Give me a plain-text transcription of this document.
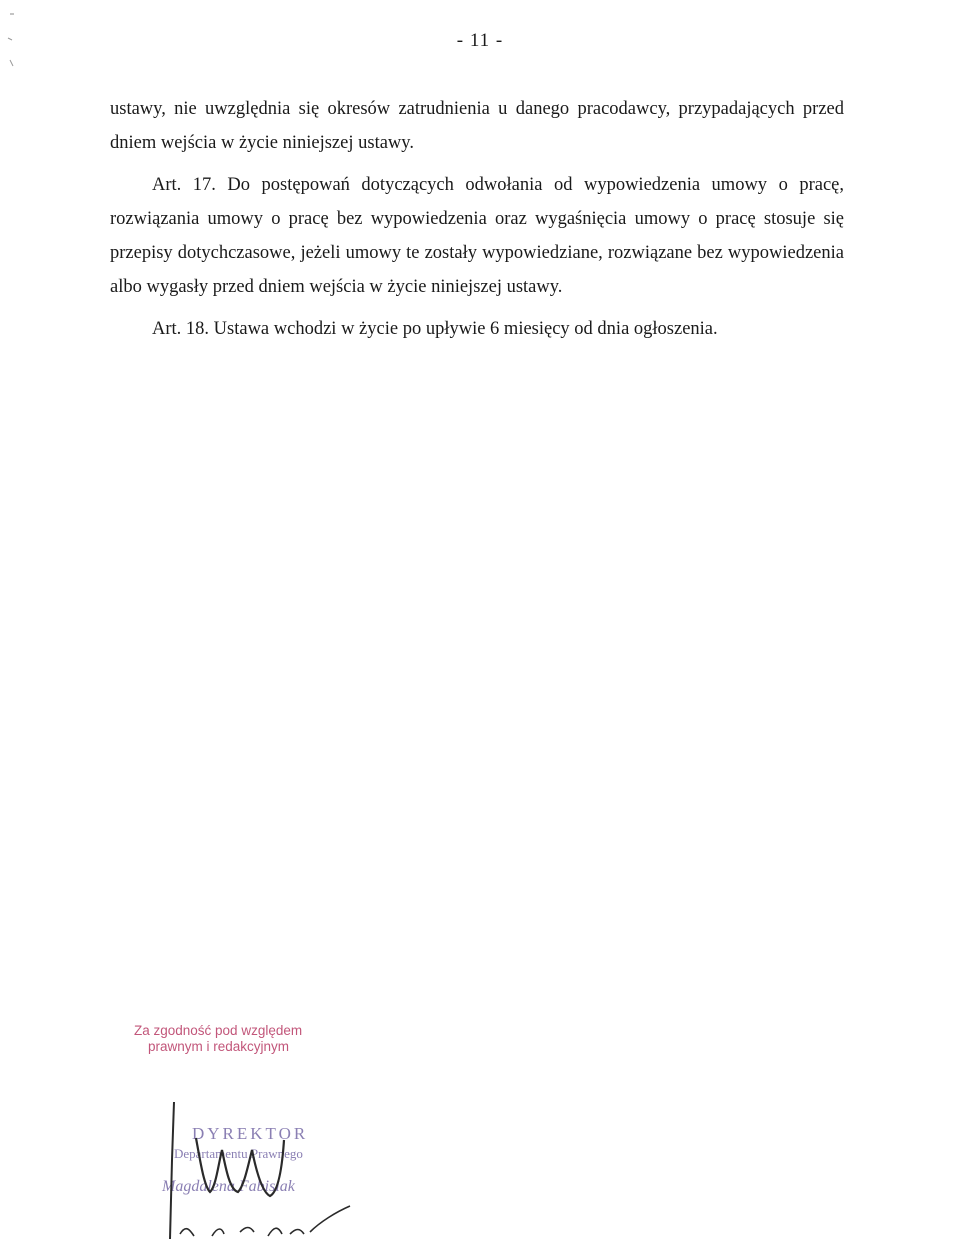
- 11 -

ustawy, nie uwzględnia się okresów zatrudnienia u danego pracodawcy, przypadających przed dniem wejścia w życie niniejszej ustawy.

Art. 17. Do postępowań dotyczących odwołania od wypowiedzenia umowy o pracę, rozwiązania umowy o pracę bez wypowiedzenia oraz wygaśnięcia umowy o pracę stosuje się przepisy dotychczasowe, jeżeli umowy te zostały wypowiedziane, rozwiązane bez wypowiedzenia albo wygasły przed dniem wejścia w życie niniejszej ustawy.

Art. 18. Ustawa wchodzi w życie po upływie 6 miesięcy od dnia ogłoszenia.

Za zgodność pod względem
prawnym i redakcyjnym
DYREKTOR
Departamentu Prawnego
Magdalena Fabisiak
